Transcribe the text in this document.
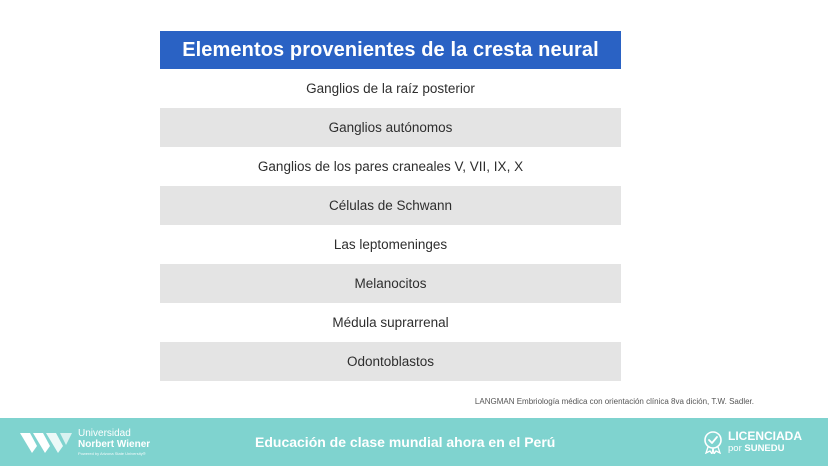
Elementos provenientes de la cresta neural
Ganglios de la raíz posterior
Ganglios autónomos
Ganglios de los pares craneales V, VII, IX, X
Células de Schwann
Las leptomeninges
Melanocitos
Médula suprarrenal
Odontoblastos
LANGMAN Embriología médica con orientación clínica 8va dición, T.W. Sadler.
Universidad
Norbert Wiener
Powered by Arizona State University®
Educación de clase mundial ahora en el Perú	LICENCIADA
por SUNEDU
